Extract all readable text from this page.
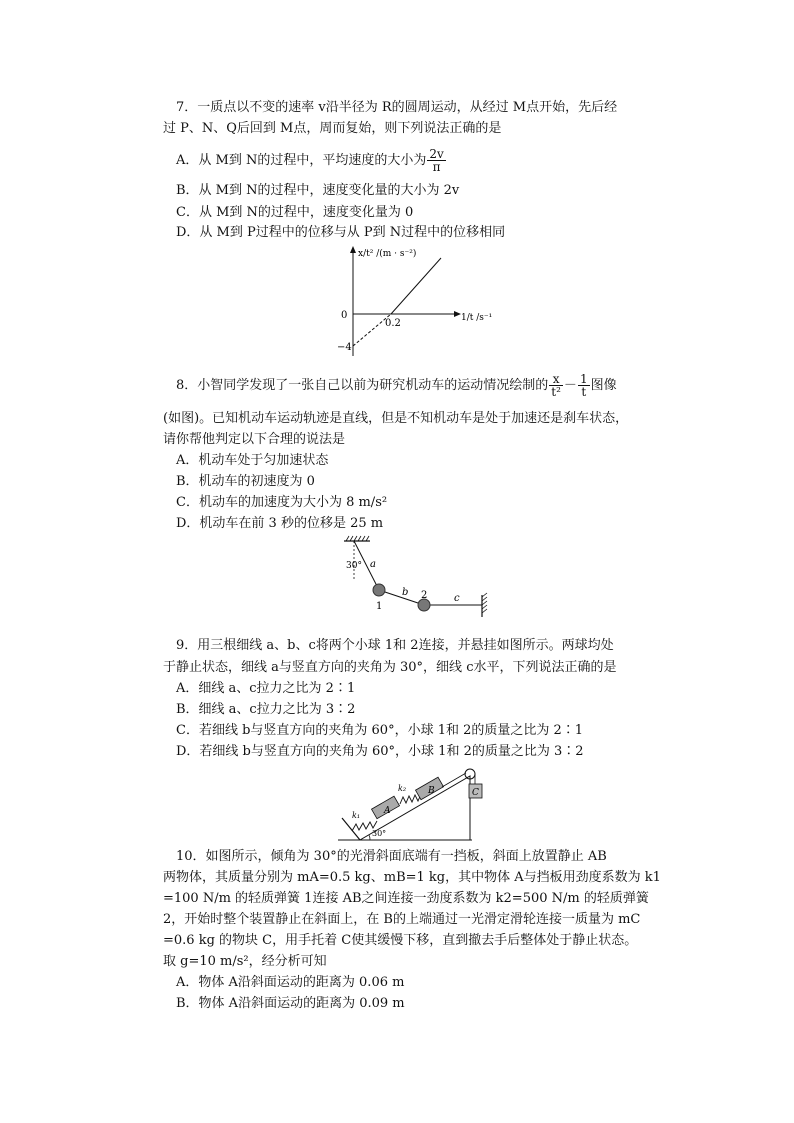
7．一质点以不变的速率 v沿半径为 R的圆周运动，从经过 M点开始，先后经
过 P、N、Q后回到 M点，周而复始，则下列说法正确的是
A．从 M到 N的过程中，平均速度的大小为 $\frac{2v}{\pi}$
B．从 M到 N的过程中，速度变化量的大小为 2v
C．从 M到 N的过程中，速度变化量为 0
D．从 M到 P过程中的位移与从 P到 N过程中的位移相同
x/t² /(m · s⁻²)
1/t /s⁻¹
0
0.2
−4
8．小智同学发现了一张自己以前为研究机动车的运动情况绘制的 $\frac{x}{\text{t²}} - \frac{1}{t}$ 图像
(如图)。已知机动车运动轨迹是直线，但是不知机动车是处于加速还是刹车状态，
请你帮他判定以下合理的说法是
A．机动车处于匀加速状态
B．机动车的初速度为 0
C．机动车的加速度为大小为 8 m/s²
D．机动车在前 3 秒的位移是 25 m
30° a
b
c
1
2
9．用三根细线 a、b、c将两个小球 1和 2连接，并悬挂如图所示。两球均处
于静止状态，细线 a与竖直方向的夹角为 30°，细线 c水平，下列说法正确的是
A．细线 a、c拉力之比为 2∶1
B．细线 a、c拉力之比为 3∶2
C．若细线 b与竖直方向的夹角为 60°，小球 1和 2的质量之比为 2∶1
D．若细线 b与竖直方向的夹角为 60°，小球 1和 2的质量之比为 3∶2
k₁
k₂
A
B	C
30°
10．如图所示，倾角为 30°的光滑斜面底端有一挡板，斜面上放置静止 AB
两物体，其质量分别为 mA=0.5 kg、mB=1 kg，其中物体 A与挡板用劲度系数为 k1
=100 N/m 的轻质弹簧 1连接 AB之间连接一劲度系数为 k2=500 N/m 的轻质弹簧
2，开始时整个装置静止在斜面上，在 B的上端通过一光滑定滑轮连接一质量为 mC
=0.6 kg 的物块 C，用手托着 C使其缓慢下移，直到撤去手后整体处于静止状态。
取 g=10 m/s²，经分析可知
A．物体 A沿斜面运动的距离为 0.06 m
B．物体 A沿斜面运动的距离为 0.09 m
